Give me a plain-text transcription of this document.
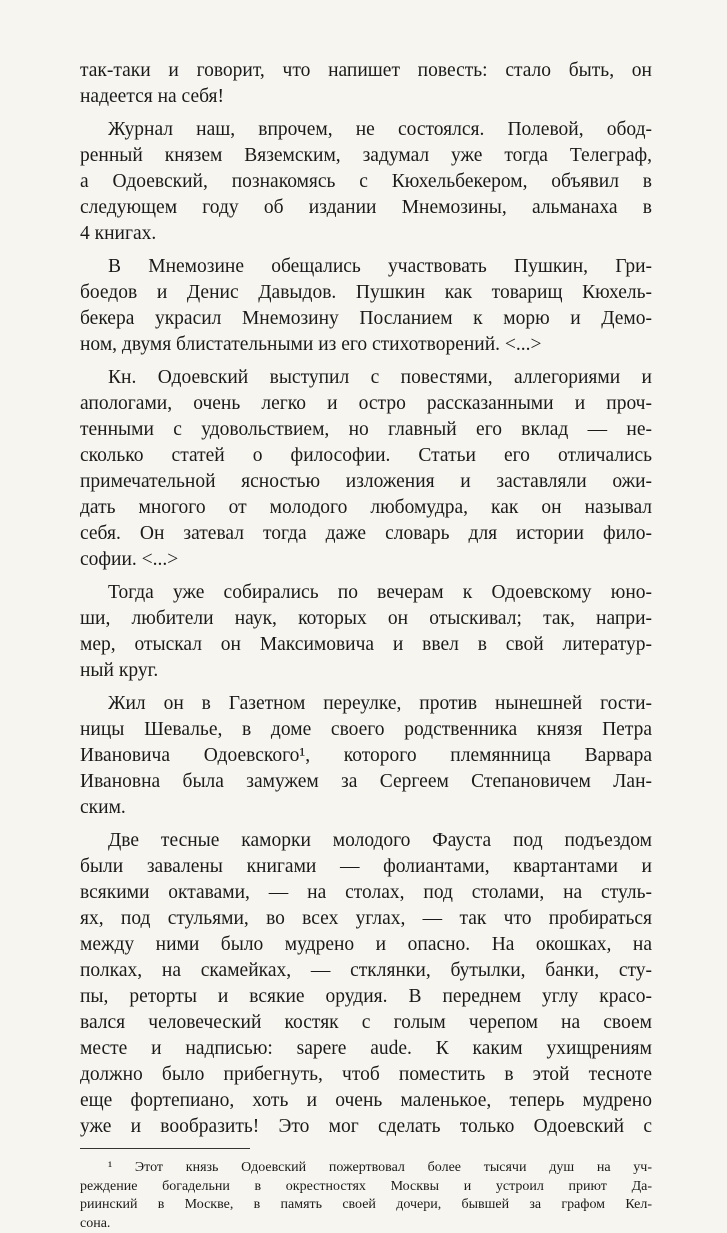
так-таки и говорит, что напишет повесть: стало быть, он
надеется на себя!
Журнал наш, впрочем, не состоялся. Полевой, обод-
ренный князем Вяземским, задумал уже тогда Телеграф,
а Одоевский, познакомясь с Кюхельбекером, объявил в
следующем году об издании Мнемозины, альманаха в
4 книгах.
В Мнемозине обещались участвовать Пушкин, Гри-
боедов и Денис Давыдов. Пушкин как товарищ Кюхель-
бекера украсил Мнемозину Посланием к морю и Демо-
ном, двумя блистательными из его стихотворений. <...>
Кн. Одоевский выступил с повестями, аллегориями и
апологами, очень легко и остро рассказанными и проч-
тенными с удовольствием, но главный его вклад — не-
сколько статей о философии. Статьи его отличались
примечательной ясностью изложения и заставляли ожи-
дать многого от молодого любомудра, как он называл
себя. Он затевал тогда даже словарь для истории фило-
софии. <...>
Тогда уже собирались по вечерам к Одоевскому юно-
ши, любители наук, которых он отыскивал; так, напри-
мер, отыскал он Максимовича и ввел в свой литератур-
ный круг.
Жил он в Газетном переулке, против нынешней гости-
ницы Шевалье, в доме своего родственника князя Петра
Ивановича Одоевского¹, которого племянница Варвара
Ивановна была замужем за Сергеем Степановичем Лан-
ским.
Две тесные каморки молодого Фауста под подъездом
были завалены книгами — фолиантами, квартантами и
всякими октавами, — на столах, под столами, на стуль-
ях, под стульями, во всех углах, — так что пробираться
между ними было мудрено и опасно. На окошках, на
полках, на скамейках, — стклянки, бутылки, банки, сту-
пы, реторты и всякие орудия. В переднем углу красо-
вался человеческий костяк с голым черепом на своем
месте и надписью: sapere aude. К каким ухищрениям
должно было прибегнуть, чтоб поместить в этой тесноте
еще фортепиано, хоть и очень маленькое, теперь мудрено
уже и вообразить! Это мог сделать только Одоевский с
¹ Этот князь Одоевский пожертвовал более тысячи душ на уч-
реждение богадельни в окрестностях Москвы и устроил приют Да-
риинский в Москве, в память своей дочери, бывшей за графом Кел-
сона.
